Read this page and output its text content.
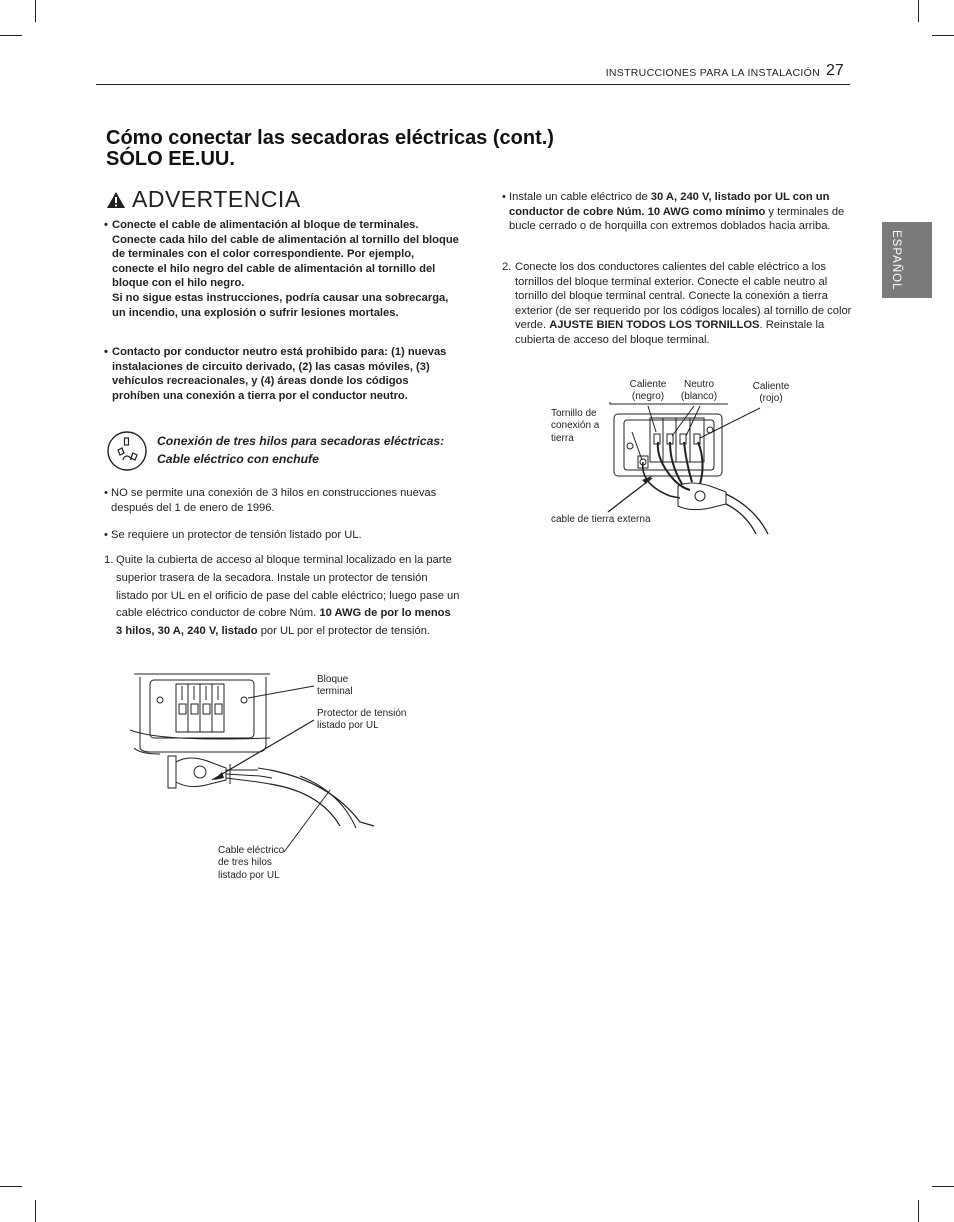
INSTRUCCIONES PARA LA INSTALACIÓN 27
ESPAÑOL
Cómo conectar las secadoras eléctricas (cont.)
SÓLO EE.UU.
ADVERTENCIA
• Conecte el cable de alimentación al bloque de terminales. Conecte cada hilo del cable de alimentación al tornillo del bloque de terminales con el color correspondiente. Por ejemplo, conecte el hilo negro del cable de alimentación al tornillo del bloque con el hilo negro.
Si no sigue estas instrucciones, podría causar una sobrecarga, un incendio, una explosión o sufrir lesiones mortales.
• Contacto por conductor neutro está prohibido para: (1) nuevas instalaciones de circuito derivado, (2) las casas móviles, (3) vehículos recreacionales, y (4) áreas donde los códigos prohíben una conexión a tierra por el conductor neutro.
Conexión de tres hilos para secadoras eléctricas:
Cable eléctrico con enchufe
• NO se permite una conexión de 3 hilos en construcciones nuevas después del 1 de enero de 1996.
• Se requiere un protector de tensión listado por UL.
1. Quite la cubierta de acceso al bloque terminal localizado en la parte superior trasera de la secadora. Instale un protector de tensión listado por UL en el orificio de pase del cable eléctrico; luego pase un cable eléctrico conductor de cobre Núm. 10 AWG de por lo menos 3 hilos, 30 A, 240 V, listado por UL por el protector de tensión.
Bloque
terminal
Protector de tensión
listado por UL
Cable eléctrico
de tres hilos
listado por UL
• Instale un cable eléctrico de 30 A, 240 V, listado por UL con un conductor de cobre Núm. 10 AWG como mínimo y terminales de bucle cerrado o de horquilla con extremos doblados hacia arriba.
2. Conecte los dos conductores calientes del cable eléctrico a los tornillos del bloque terminal exterior. Conecte el cable neutro al tornillo del bloque terminal central. Conecte la conexión a tierra exterior (de ser requerido por los códigos locales) al tornillo de color verde. AJUSTE BIEN TODOS LOS TORNILLOS. Reinstale la cubierta de acceso del bloque terminal.
Caliente
(negro)
Neutro
(blanco)
Caliente
(rojo)
Tornillo de
conexión a
tierra
cable de tierra externa
